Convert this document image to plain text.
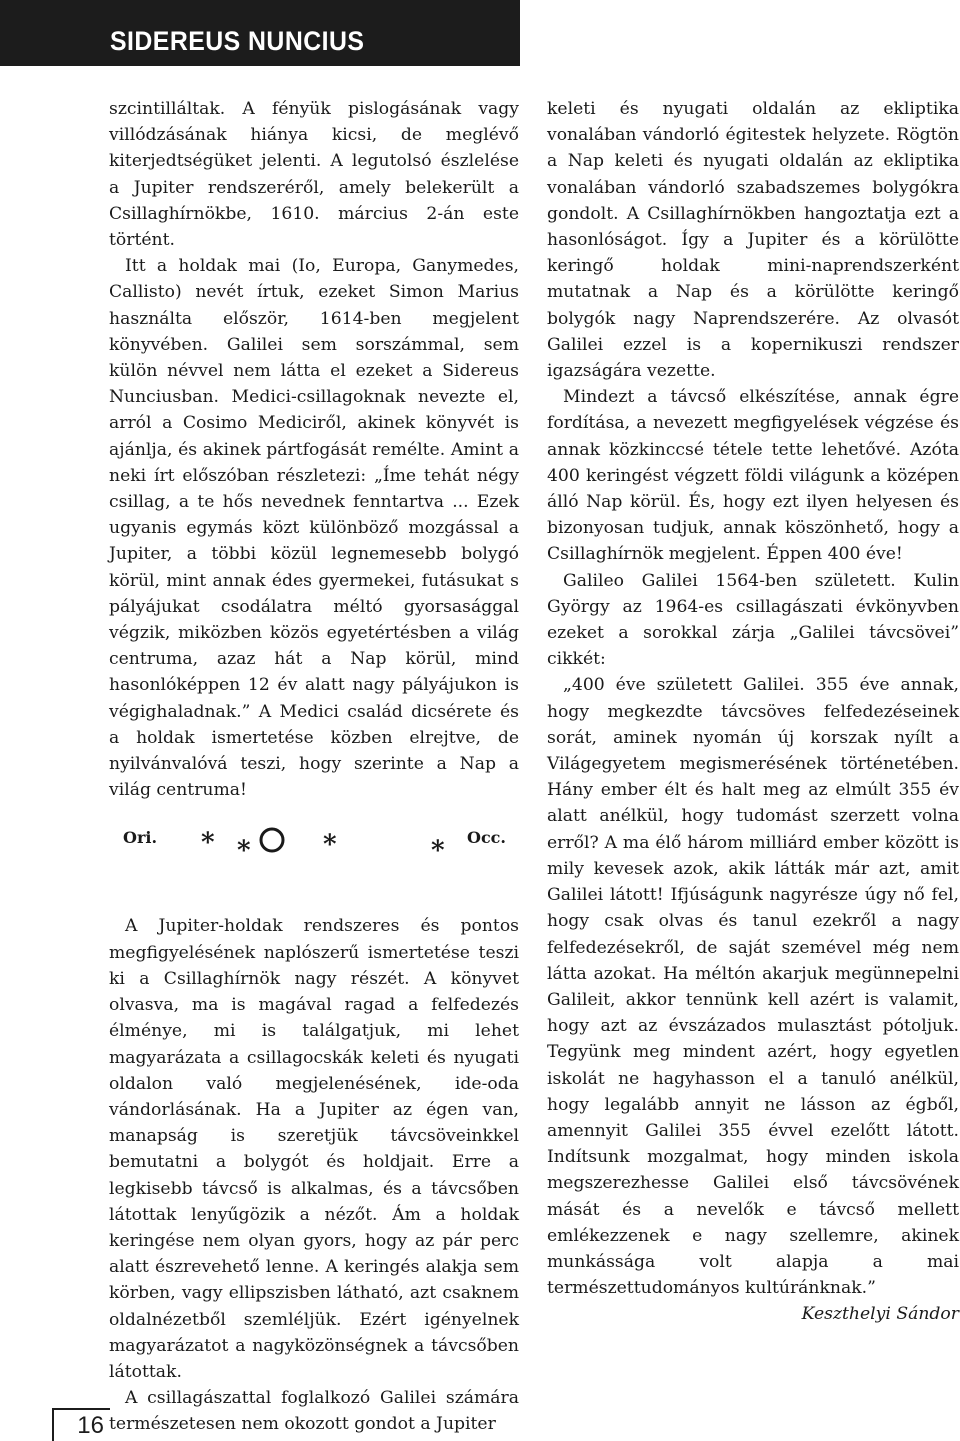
SIDEREUS NUNCIUS

szcintilláltak. A fényük pislogásának vagy villódzásának hiánya kicsi, de meglévő kiterjedtségüket jelenti. A legutolsó észlelése a Jupiter rendszeréről, amely belekerült a Csillaghírnökbe, 1610. március 2-án este történt.

Itt a holdak mai (Io, Europa, Ganymedes, Callisto) nevét írtuk, ezeket Simon Marius használta először, 1614-ben megjelent könyvében. Galilei sem sorszámmal, sem külön névvel nem látta el ezeket a Sidereus Nunciusban. Medici-csillagoknak nevezte el, arról a Cosimo Mediciről, akinek könyvét is ajánlja, és akinek pártfogását remélte. Amint a neki írt előszóban részletezi: „Íme tehát négy csillag, a te hős nevednek fenntartva ... Ezek ugyanis egymás közt különböző mozgással a Jupiter, a többi közül legnemesebb bolygó körül, mint annak édes gyermekei, futásukat s pályájukat csodálatra méltó gyorsasággal végzik, miközben közös egyetértésben a világ centruma, azaz hát a Nap körül, mind hasonlóképpen 12 év alatt nagy pályájukon is végighaladnak.” A Medici család dicsérete és a holdak ismertetése közben elrejtve, de nyilvánvalóvá teszi, hogy szerinte a Nap a világ centruma!

Ori. * *	*	* Occ.

A Jupiter-holdak rendszeres és pontos megfigyelésének naplószerű ismertetése teszi ki a Csillaghírnök nagy részét. A könyvet olvasva, ma is magával ragad a felfedezés élménye, mi is találgatjuk, mi lehet magyarázata a csillagocskák keleti és nyugati oldalon való megjelenésének, ide-oda vándorlásának. Ha a Jupiter az égen van, manapság is szeretjük távcsöveinkkel bemutatni a bolygót és holdjait. Erre a legkisebb távcső is alkalmas, és a távcsőben látottak lenyűgözik a nézőt. Ám a holdak keringése nem olyan gyors, hogy az pár perc alatt észrevehető lenne. A keringés alakja sem körben, vagy ellipszisben látható, azt csaknem oldalnézetből szemléljük. Ezért igényelnek magyarázatot a nagyközönségnek a távcsőben látottak.

A csillagászattal foglalkozó Galilei számára természetesen nem okozott gondot a Jupiter

keleti és nyugati oldalán az ekliptika vonalában vándorló égitestek helyzete. Rögtön a Nap keleti és nyugati oldalán az ekliptika vonalában vándorló szabadszemes bolygókra gondolt. A Csillaghírnökben hangoztatja ezt a hasonlóságot. Így a Jupiter és a körülötte keringő holdak mini-naprendszerként mutatnak a Nap és a körülötte keringő bolygók nagy Naprendszerére. Az olvasót Galilei ezzel is a kopernikuszi rendszer igazságára vezette.

Mindezt a távcső elkészítése, annak égre fordítása, a nevezett megfigyelések végzése és annak közkinccsé tétele tette lehetővé. Azóta 400 keringést végzett földi világunk a középen álló Nap körül. És, hogy ezt ilyen helyesen és bizonyosan tudjuk, annak köszönhető, hogy a Csillaghírnök megjelent. Éppen 400 éve!

Galileo Galilei 1564-ben született. Kulin György az 1964-es csillagászati évkönyvben ezeket a sorokkal zárja „Galilei távcsövei” cikkét:

„400 éve született Galilei. 355 éve annak, hogy megkezdte távcsöves felfedezéseinek sorát, aminek nyomán új korszak nyílt a Világegyetem megismerésének történetében. Hány ember élt és halt meg az elmúlt 355 év alatt anélkül, hogy tudomást szerzett volna erről? A ma élő három milliárd ember között is mily kevesek azok, akik látták már azt, amit Galilei látott! Ifjúságunk nagyrésze úgy nő fel, hogy csak olvas és tanul ezekről a nagy felfedezésekről, de saját szemével még nem látta azokat. Ha méltón akarjuk megünnepelni Galileit, akkor tennünk kell azért is valamit, hogy azt az évszázados mulasztást pótoljuk. Tegyünk meg mindent azért, hogy egyetlen iskolát ne hagyhasson el a tanuló anélkül, hogy legalább annyit ne lásson az égből, amennyit Galilei 355 évvel ezelőtt látott. Indítsunk mozgalmat, hogy minden iskola megszerezhesse Galilei első távcsövének mását és a nevelők e távcső mellett emlékezzenek e nagy szellemre, akinek munkássága volt alapja a mai természettudományos kultúránknak.”

Keszthelyi Sándor

16
